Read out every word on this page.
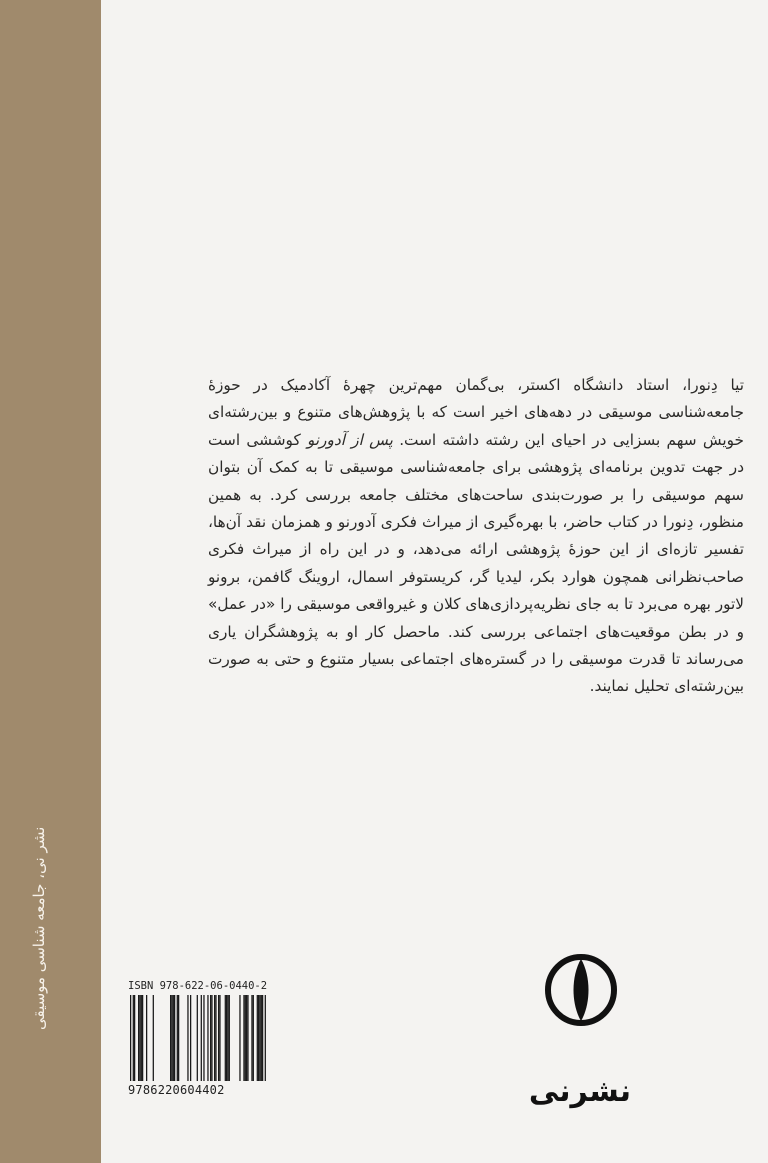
نشر نی، جامعه شناسی موسیقی

تیا دِنورا، استاد دانشگاه اکستر، بی‌گمان مهم‌ترین چهرهٔ آکادمیک در حوزهٔ جامعه‌شناسی موسیقی در دهه‌های اخیر است که با پژوهش‌های متنوع و بین‌رشته‌ای خویش سهم بسزایی در احیای این رشته داشته است. پس از آدورنو کوششی است در جهت تدوین برنامه‌ای پژوهشی برای جامعه‌شناسی موسیقی تا به کمک آن بتوان سهم موسیقی را بر صورت‌بندی ساحت‌های مختلف جامعه بررسی کرد. به همین منظور، دِنورا در کتاب حاضر، با بهره‌گیری از میراث فکری آدورنو و همزمان نقد آن‌ها، تفسیر تازه‌ای از این حوزهٔ پژوهشی ارائه می‌دهد، و در این راه از میراث فکری صاحب‌نظرانی همچون هوارد بکر، لیدیا گر، کریستوفر اسمال، اروینگ گافمن، برونو لاتور بهره می‌برد تا به جای نظریه‌پردازی‌های کلان و غیرواقعی موسیقی را «در عمل» و در بطن موقعیت‌های اجتماعی بررسی کند. ماحصل کار او به پژوهشگران یاری می‌رساند تا قدرت موسیقی را در گستره‌های اجتماعی بسیار متنوع و حتی به صورت بین‌رشته‌ای تحلیل نمایند.

ISBN 978-622-06-0440-2
9786220604402	نشرنی
